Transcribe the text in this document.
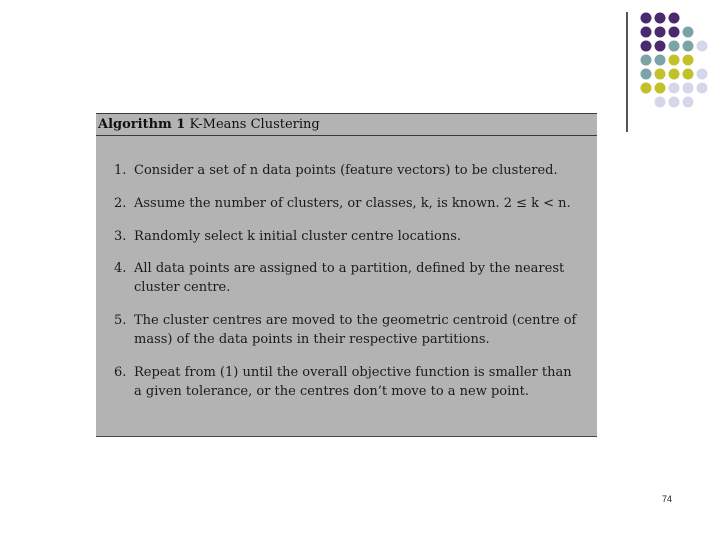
Algorithm 1 K-Means Clustering
1. Consider a set of n data points (feature vectors) to be clustered.
2. Assume the number of clusters, or classes, k, is known. 2 ≤ k < n.
3. Randomly select k initial cluster centre locations.
4. All data points are assigned to a partition, defined by the nearest
cluster centre.
5. The cluster centres are moved to the geometric centroid (centre of
mass) of the data points in their respective partitions.
6. Repeat from (1) until the overall objective function is smaller than
a given tolerance, or the centres don’t move to a new point.
74
